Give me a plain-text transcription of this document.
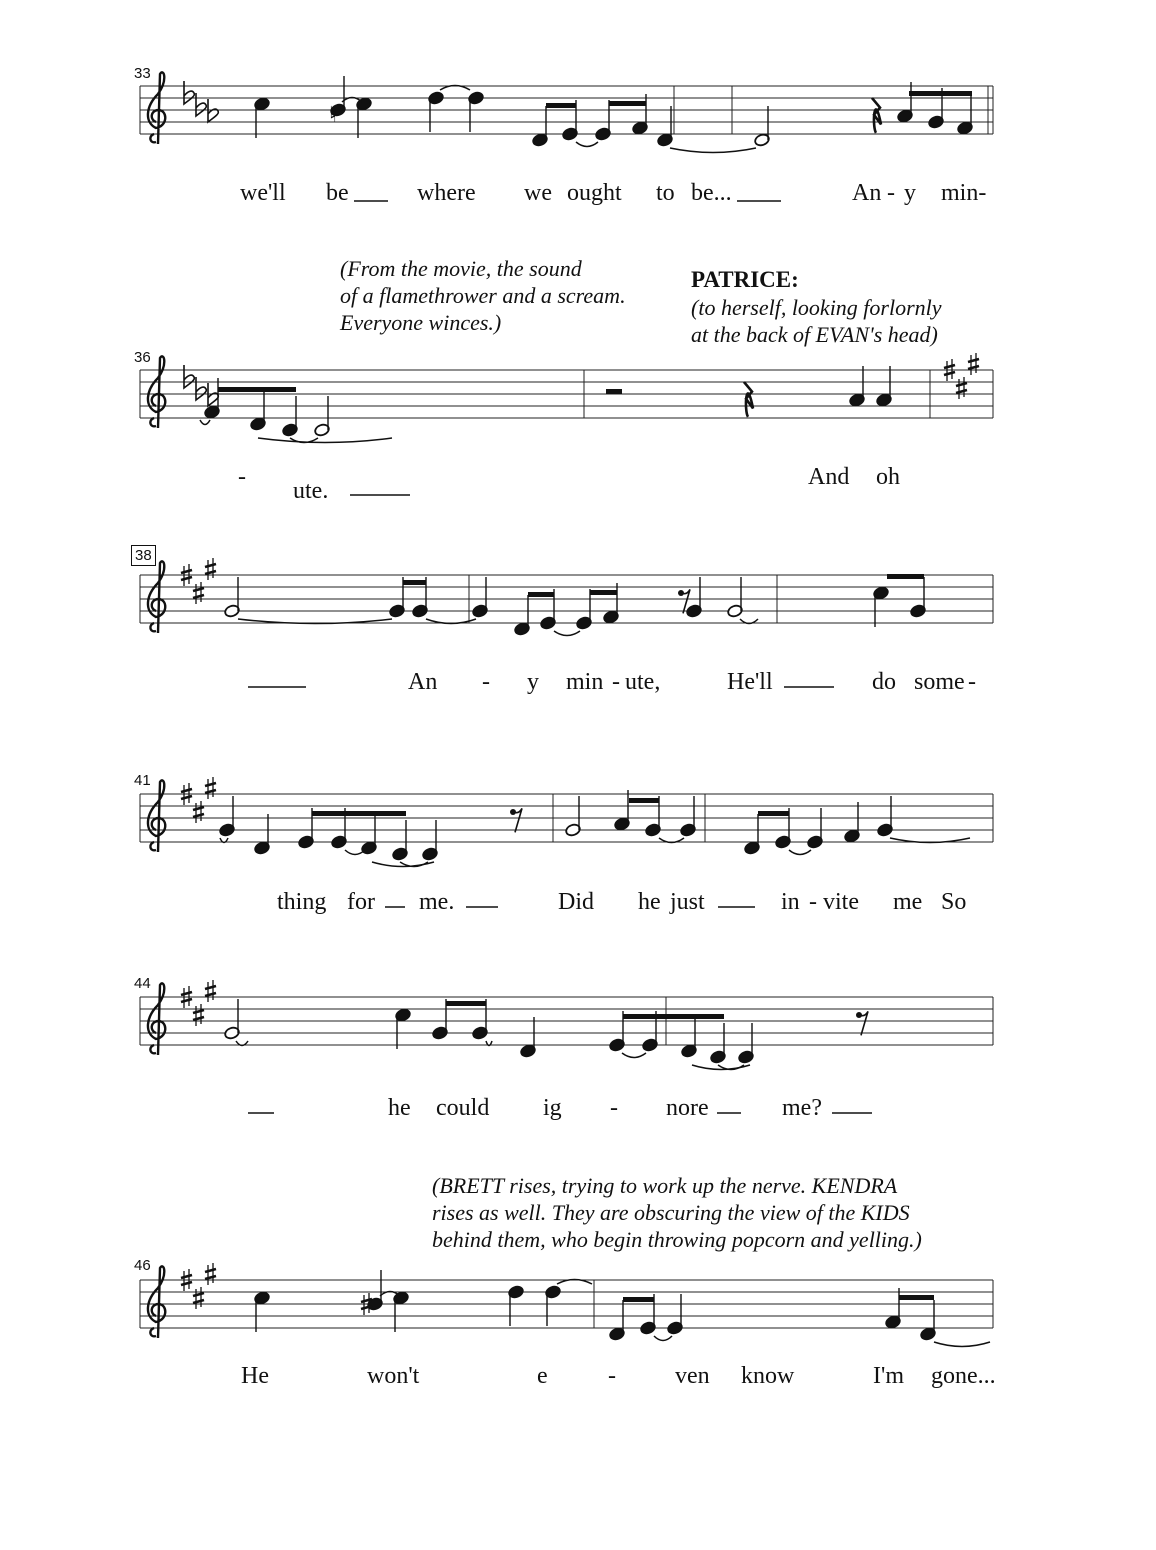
♮
33
36
38
41
44
46
(From the movie, the sound
of a flamethrower and a scream.
Everyone winces.)
PATRICE:
(to herself, looking forlornly
at the back of EVAN's head)
(BRETT rises, trying to work up the nerve. KENDRA
rises as well. They are obscuring the view of the KIDS
behind them, who begin throwing popcorn and yelling.)
we'll be	where we ought to be...	An - y min-
-
ute.
And oh
An - y min - ute,	He'll	do some -
thing for me.	Did he just	in - vite me So
he could ig - nore	me?
He	won't	e	- ven know	I'm gone...
